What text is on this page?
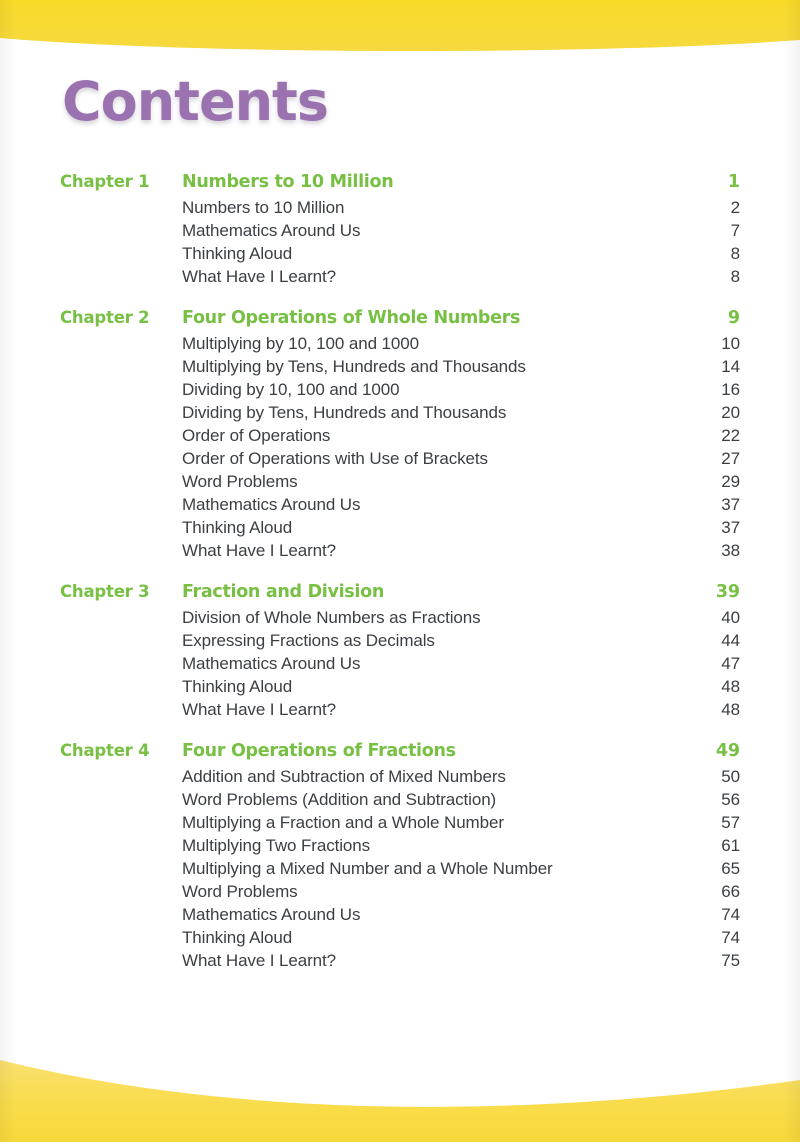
Contents
Chapter 1	Numbers to 10 Million	1
Numbers to 10 Million	2
Mathematics Around Us	7
Thinking Aloud	8
What Have I Learnt?	8
Chapter 2	Four Operations of Whole Numbers	9
Multiplying by 10, 100 and 1000	10
Multiplying by Tens, Hundreds and Thousands	14
Dividing by 10, 100 and 1000	16
Dividing by Tens, Hundreds and Thousands	20
Order of Operations	22
Order of Operations with Use of Brackets	27
Word Problems	29
Mathematics Around Us	37
Thinking Aloud	37
What Have I Learnt?	38
Chapter 3	Fraction and Division	39
Division of Whole Numbers as Fractions	40
Expressing Fractions as Decimals	44
Mathematics Around Us	47
Thinking Aloud	48
What Have I Learnt?	48
Chapter 4	Four Operations of Fractions	49
Addition and Subtraction of Mixed Numbers	50
Word Problems (Addition and Subtraction)	56
Multiplying a Fraction and a Whole Number	57
Multiplying Two Fractions	61
Multiplying a Mixed Number and a Whole Number	65
Word Problems	66
Mathematics Around Us	74
Thinking Aloud	74
What Have I Learnt?	75
